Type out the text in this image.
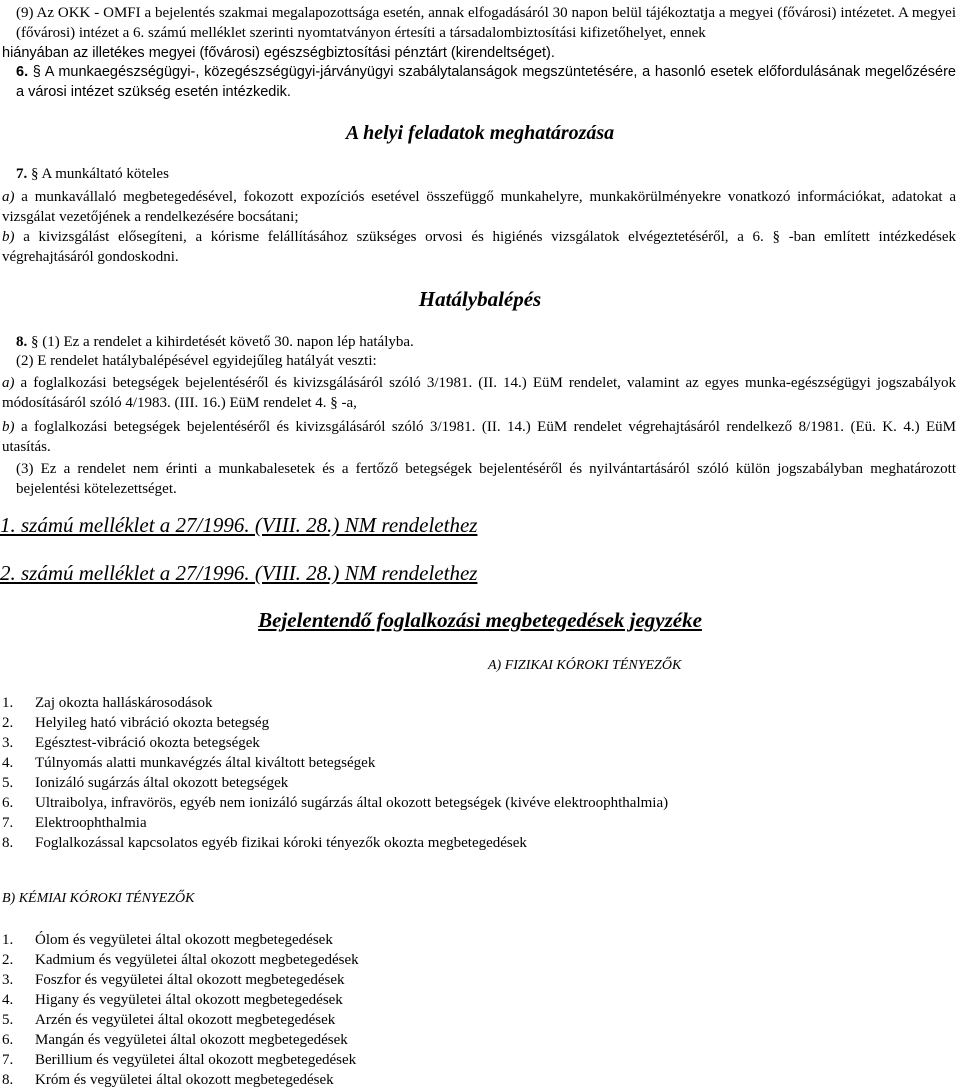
(9) Az OKK - OMFI a bejelentés szakmai megalapozottsága esetén, annak elfogadásáról 30 napon belül tájékoztatja a megyei (fővárosi) intézetet. A megyei (fővárosi) intézet a 6. számú melléklet szerinti nyomtatványon értesíti a társadalombiztosítási kifizetőhelyet, ennek

hiányában az illetékes megyei (fővárosi) egészségbiztosítási pénztárt (kirendeltséget).

6. § A munkaegészségügyi-, közegészségügyi-járványügyi szabálytalanságok megszüntetésére, a hasonló esetek előfordulásának megelőzésére a városi intézet szükség esetén intézkedik.

A helyi feladatok meghatározása

7. § A munkáltató köteles

a) a munkavállaló megbetegedésével, fokozott expozíciós esetével összefüggő munkahelyre, munkakörülményekre vonatkozó információkat, adatokat a vizsgálat vezetőjének a rendelkezésére bocsátani;

b) a kivizsgálást elősegíteni, a kórisme felállításához szükséges orvosi és higiénés vizsgálatok elvégeztetéséről, a 6. § -ban említett intézkedések végrehajtásáról gondoskodni.

Hatálybalépés

8. § (1) Ez a rendelet a kihirdetését követő 30. napon lép hatályba.

(2) E rendelet hatálybalépésével egyidejűleg hatályát veszti:

a) a foglalkozási betegségek bejelentéséről és kivizsgálásáról szóló 3/1981. (II. 14.) EüM rendelet, valamint az egyes munka-egészségügyi jogszabályok módosításáról szóló 4/1983. (III. 16.) EüM rendelet 4. § -a,

b) a foglalkozási betegségek bejelentéséről és kivizsgálásáról szóló 3/1981. (II. 14.) EüM rendelet végrehajtásáról rendelkező 8/1981. (Eü. K. 4.) EüM utasítás.

(3) Ez a rendelet nem érinti a munkabalesetek és a fertőző betegségek bejelentéséről és nyilvántartásáról szóló külön jogszabályban meghatározott bejelentési kötelezettséget.

1. számú melléklet a 27/1996. (VIII. 28.) NM rendelethez

2. számú melléklet a 27/1996. (VIII. 28.) NM rendelethez

Bejelentendő foglalkozási megbetegedések jegyzéke

A) FIZIKAI KÓROKI TÉNYEZŐK

1.	Zaj okozta halláskárosodások
2.	Helyileg ható vibráció okozta betegség
3.	Egésztest-vibráció okozta betegségek
4.	Túlnyomás alatti munkavégzés által kiváltott betegségek
5.	Ionizáló sugárzás által okozott betegségek
6.	Ultraibolya, infravörös, egyéb nem ionizáló sugárzás által okozott betegségek (kivéve elektroophthalmia)
7.	Elektroophthalmia
8.	Foglalkozással kapcsolatos egyéb fizikai kóroki tényezők okozta megbetegedések

B) KÉMIAI KÓROKI TÉNYEZŐK

1.	Ólom és vegyületei által okozott megbetegedések
2.	Kadmium és vegyületei által okozott megbetegedések
3.	Foszfor és vegyületei által okozott megbetegedések
4.	Higany és vegyületei által okozott megbetegedések
5.	Arzén és vegyületei által okozott megbetegedések
6.	Mangán és vegyületei által okozott megbetegedések
7.	Berillium és vegyületei által okozott megbetegedések
8.	Króm és vegyületei által okozott megbetegedések
